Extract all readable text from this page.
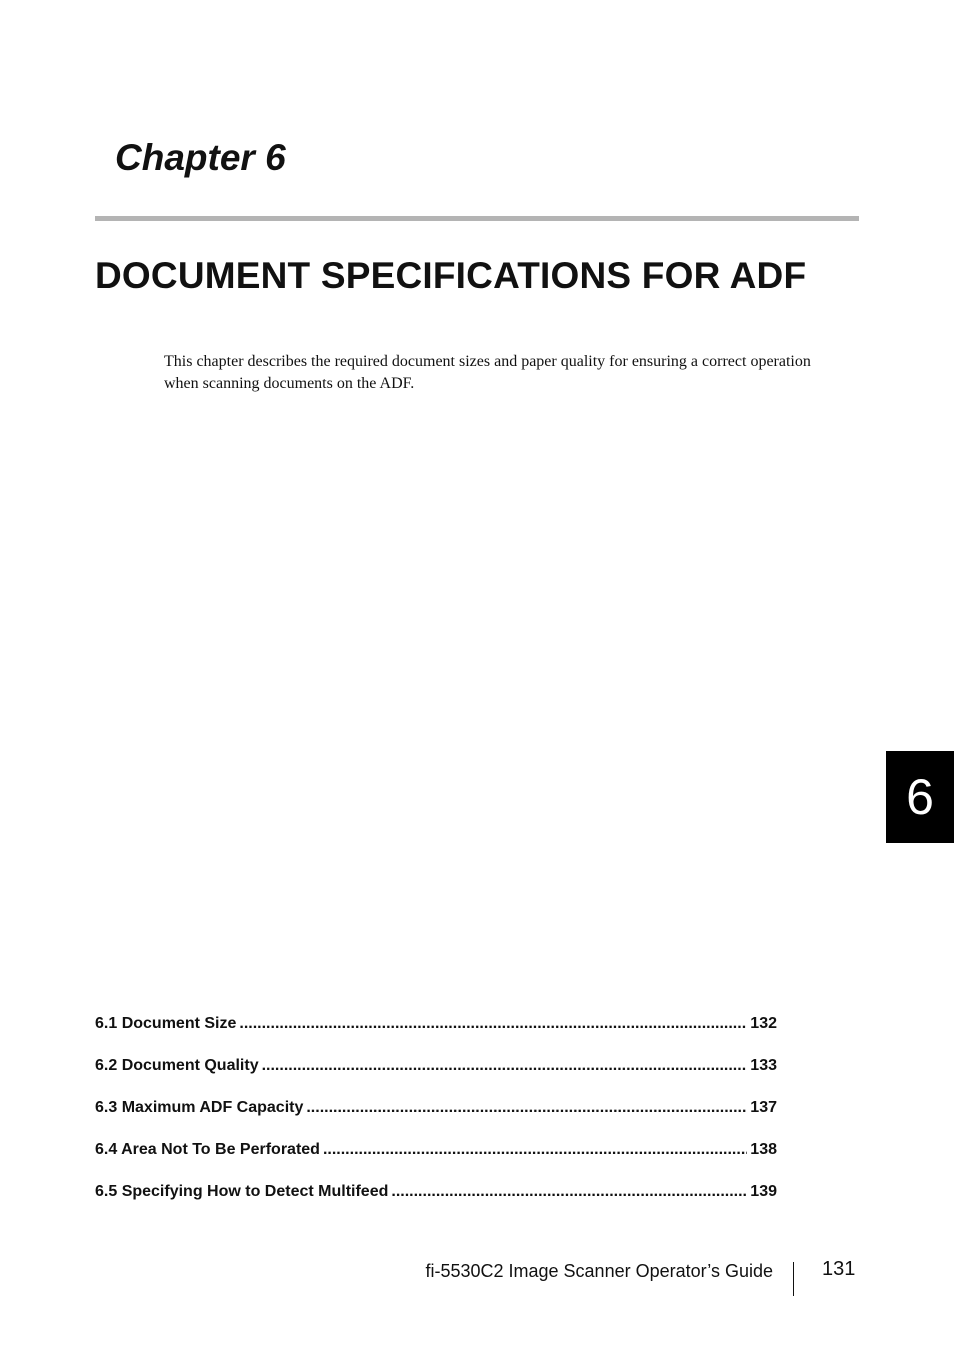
Chapter 6
DOCUMENT SPECIFICATIONS FOR ADF

This chapter describes the required document sizes and paper quality for ensuring a correct operation when scanning documents on the ADF.

6
6.1 Document Size .....	132
6.2 Document Quality .....	133
6.3 Maximum ADF Capacity .....	137
6.4 Area Not To Be Perforated .....	138
6.5 Specifying How to Detect Multifeed .....	139
fi-5530C2 Image Scanner Operator’s Guide 131
